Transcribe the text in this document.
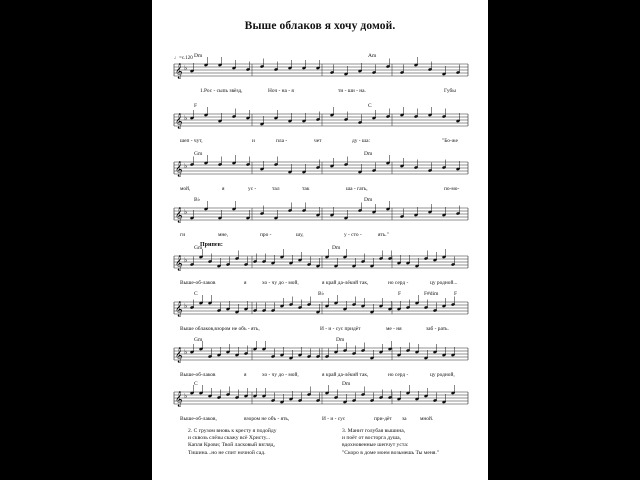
Выше облаков я хочу домой.
♩=c.120
𝄞 ♭
𝄞 ♭
𝄞 ♭
𝄞 ♭
𝄞 ♭
𝄞 ♭
𝄞 ♭
𝄞 ♭
Припев:
2. С грузом вновь к кресту я подойду
и сквозь слёзы скажу всё Христу...
Капля Крови; Твой ласковый взгляд,
Тишина...но не спит ночной сад.
3. Манит голубая вышина,
и поёт от восторга душа,
вдохновенные шепчут уста:
"Скоро в доме моем возьмешь Ты меня."
Dm	Am
1.Рос - сыпь звёзд,	Ноч - на - я	ти - ши - на.	Губы
F	C
шеп - чут,	и	пла -	чет	ду - ша:	"Бо-же
Gm	Dm
мой,	я	ус -	тал	так	ша - гать,	по-мо-
B♭	Dm
ги	мне,	про -	шу,	у - сто -	ять."
Gm	Dm
Выше-об-лаков	я	хо - чу до - мой,	я край да-лёкий так,	но серд -	цу родной...
C	B♭	F	F#dim	F
Выше облаков,взором не объ - ять,	И - и - сус придёт	ме - ня	заб - рать.
Gm	Dm
Выше-об-лаков	я	хо - чу до - мой,	я край да-лёкий так,	но серд -	цу родной,
C	Dm
Выше-об-лаков,	взором не объ - ять,	И - и - сус	при-дёт за мной.
